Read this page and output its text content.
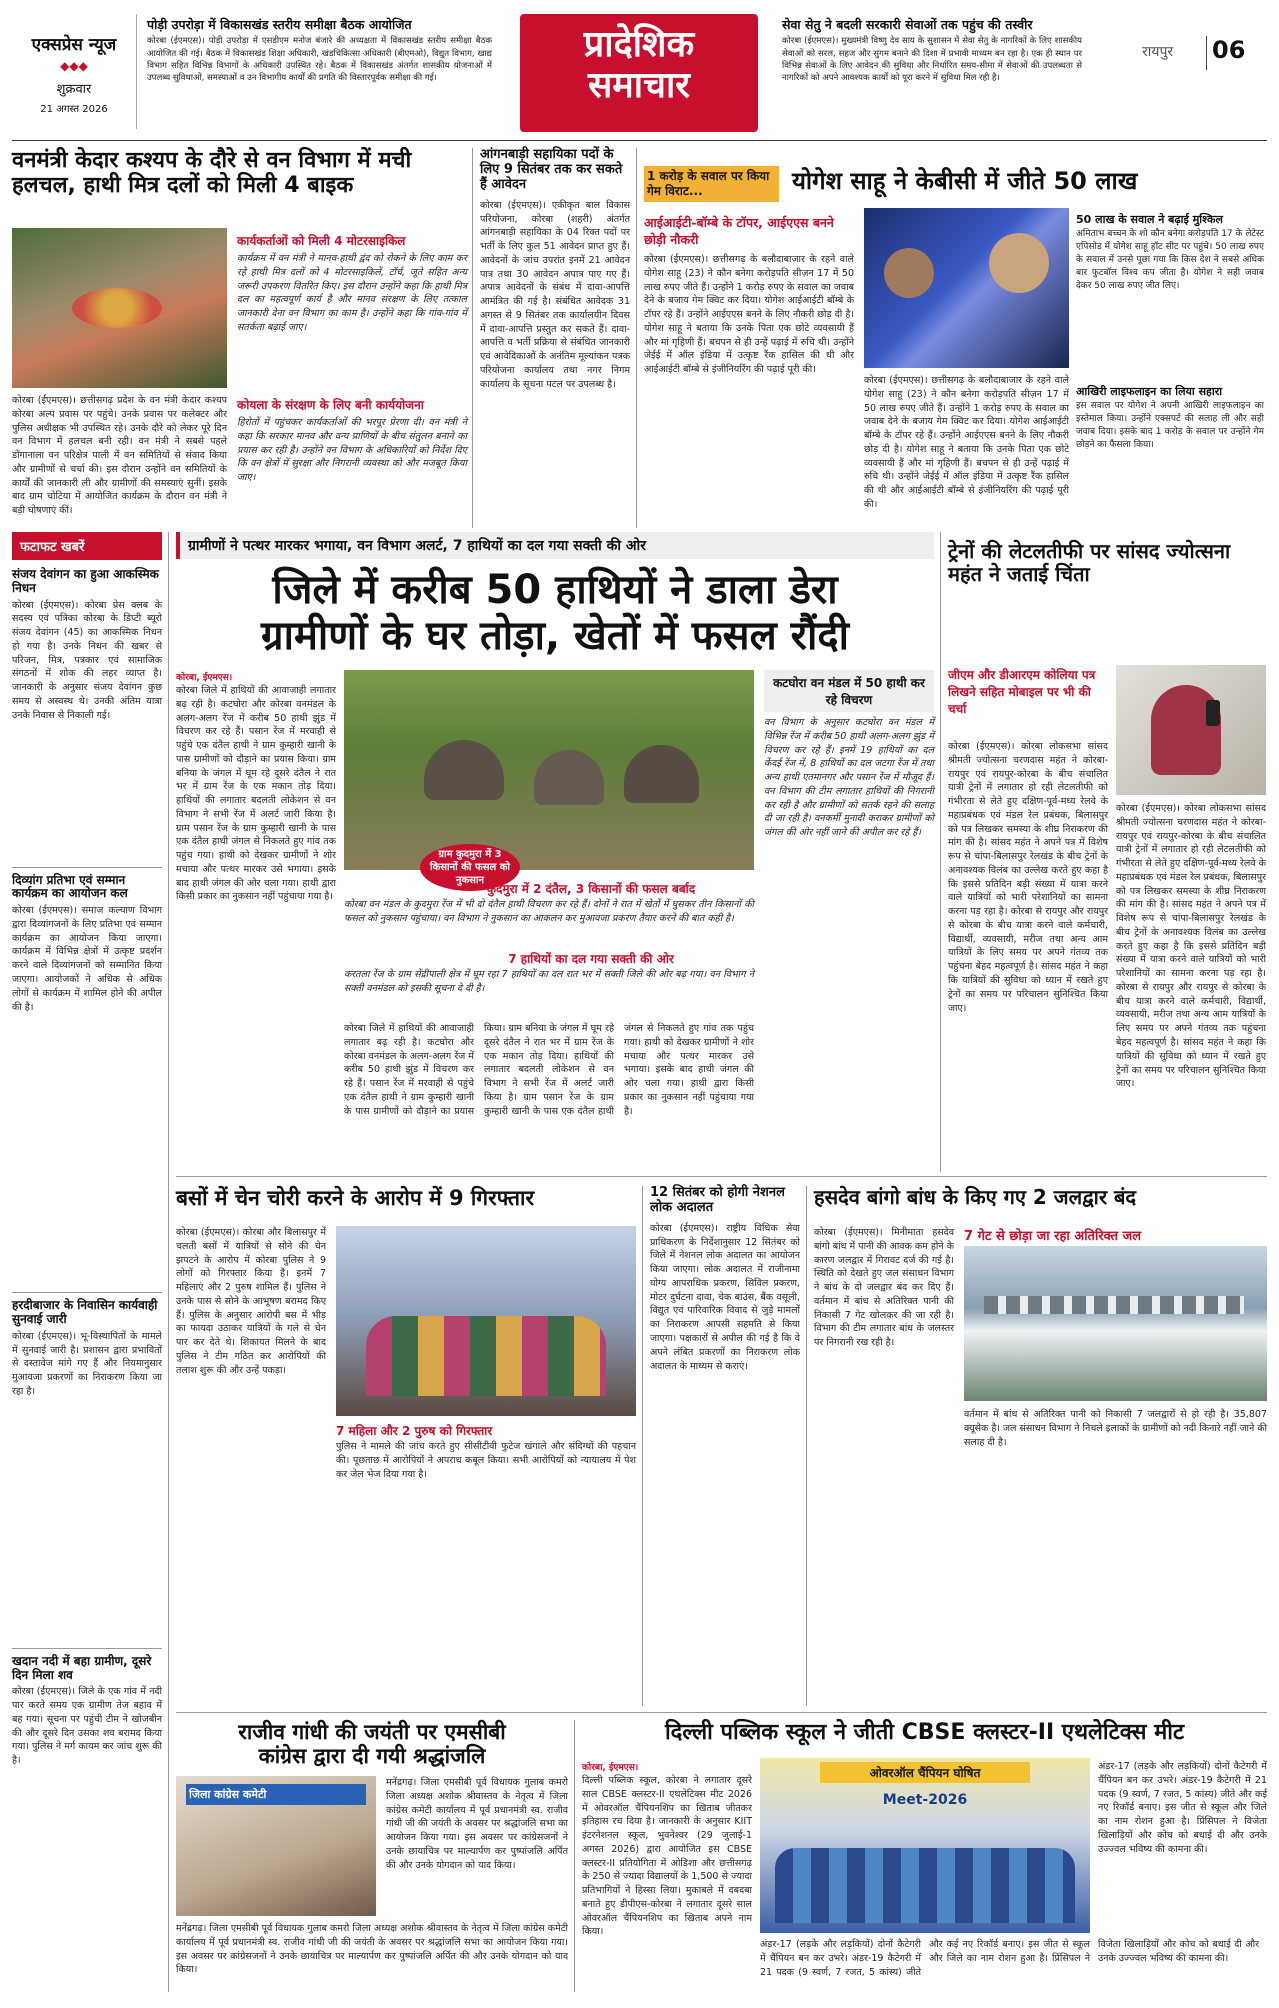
एक्सप्रेस न्यूज
◆◆◆
शुक्रवार
21 अगस्त 2026
पोड़ी उपरोड़ा में विकासखंड स्तरीय समीक्षा बैठक आयोजित
कोरबा (ईएमएस)। पोड़ी उपरोड़ा में एसडीएम मनोज बंजारे की अध्यक्षता में विकासखंड स्तरीय समीक्षा बैठक आयोजित की गई। बैठक में विकासखंड शिक्षा अधिकारी, खंडचिकित्सा अधिकारी (बीएमओ), विद्युत विभाग, खाद्य विभाग सहित विभिन्न विभागों के अधिकारी उपस्थित रहे। बैठक में विकासखंड अंतर्गत शासकीय योजनाओं में उपलब्ध सुविधाओं, समस्याओं व उन विभागीय कार्यों की प्रगति की विस्तारपूर्वक समीक्षा की गई।
प्रादेशिक
समाचार
सेवा सेतु ने बदली सरकारी सेवाओं तक पहुंच की तस्वीर
कोरबा (ईएमएस)। मुख्यमंत्री विष्णु देव साय के सुशासन में सेवा सेतु के नागरिकों के लिए शासकीय सेवाओं को सरल, सहज और सुगम बनाने की दिशा में प्रभावी माध्यम बन रहा है। एक ही स्थान पर विभिन्न सेवाओं के लिए आवेदन की सुविधा और निर्धारित समय-सीमा में सेवाओं की उपलब्धता से नागरिकों को अपने आवश्यक कार्यों को पूरा करने में सुविधा मिल रही है।
रायपुर 06
वनमंत्री केदार कश्यप के दौरे से वन विभाग में मची हलचल, हाथी मित्र दलों को मिली 4 बाइक
कार्यकर्ताओं को मिली 4 मोटरसाइकिल
कार्यक्रम में वन मंत्री ने मानव-हाथी द्वंद को रोकने के लिए काम कर रहे हाथी मित्र दलों को 4 मोटरसाइकिलें, टॉर्च, जूते सहित अन्य जरूरी उपकरण वितरित किए। इस दौरान उन्होंने कहा कि हाथी मित्र दल का महत्वपूर्ण कार्य है और मानव संरक्षण के लिए तत्काल जानकारी देना वन विभाग का काम है। उन्होंने कहा कि गांव-गांव में सतर्कता बढ़ाई जाए।
कोयला के संरक्षण के लिए बनी कार्ययोजना
हिरोतों में पहुंचकर कार्यकर्ताओं की भरपूर प्रेरणा दी। वन मंत्री ने कहा कि सरकार मानव और वन्य प्राणियों के बीच संतुलन बनाने का प्रयास कर रही है। उन्होंने वन विभाग के अधिकारियों को निर्देश दिए कि वन क्षेत्रों में सुरक्षा और निगरानी व्यवस्था को और मजबूत किया जाए।
कोरबा (ईएमएस)। छत्तीसगढ़ प्रदेश के वन मंत्री केदार कश्यप कोरबा अल्प प्रवास पर पहुंचे। उनके प्रवास पर कलेक्टर और पुलिस अधीक्षक भी उपस्थित रहे। उनके दौरे को लेकर पूरे दिन वन विभाग में हलचल बनी रही। वन मंत्री ने सबसे पहले डोंगानाला वन परिक्षेत्र पाली में वन समितियों से संवाद किया और ग्रामीणों से चर्चा की। इस दौरान उन्होंने वन समितियों के कार्यों की जानकारी ली और ग्रामीणों की समस्याएं सुनीं। इसके बाद ग्राम चोटिया में आयोजित कार्यक्रम के दौरान वन मंत्री ने बड़ी घोषणाएं कीं।
आंगनबाड़ी सहायिका पदों के लिए 9 सितंबर तक कर सकते हैं आवेदन
कोरबा (ईएमएस)। एकीकृत बाल विकास परियोजना, कोरबा (शहरी) अंतर्गत आंगनबाड़ी सहायिका के 04 रिक्त पदों पर भर्ती के लिए कुल 51 आवेदन प्राप्त हुए हैं। आवेदनों के जांच उपरांत इनमें 21 आवेदन पात्र तथा 30 आवेदन अपात्र पाए गए हैं। अपात्र आवेदनों के संबंध में दावा-आपत्ति आमंत्रित की गई है। संबंधित आवेदक 31 अगस्त से 9 सितंबर तक कार्यालयीन दिवस में दावा-आपत्ति प्रस्तुत कर सकते हैं। दावा-आपत्ति व भर्ती प्रक्रिया से संबंधित जानकारी एवं आवेदिकाओं के अनंतिम मूल्यांकन पत्रक परियोजना कार्यालय तथा नगर निगम कार्यालय के सूचना पटल पर उपलब्ध है।
1 करोड़ के सवाल पर किया गेम विराट...	योगेश साहू ने केबीसी में जीते 50 लाख
आईआईटी-बॉम्बे के टॉपर, आईएएस बनने छोड़ी नौकरी
कोरबा (ईएमएस)। छत्तीसगढ़ के बलौदाबाजार के रहने वाले योगेश साहू (23) ने कौन बनेगा करोड़पति सीज़न 17 में 50 लाख रुपए जीते हैं। उन्होंने 1 करोड़ रुपए के सवाल का जवाब देने के बजाय गेम क्विट कर दिया। योगेश आईआईटी बॉम्बे के टॉपर रहे हैं। उन्होंने आईएएस बनने के लिए नौकरी छोड़ दी है। योगेश साहू ने बताया कि उनके पिता एक छोटे व्यवसायी हैं और मां गृहिणी हैं। बचपन से ही उन्हें पढ़ाई में रुचि थी। उन्होंने जेईई में ऑल इंडिया में उत्कृष्ट रैंक हासिल की थी और आईआईटी बॉम्बे से इंजीनियरिंग की पढ़ाई पूरी की।
कोरबा (ईएमएस)। छत्तीसगढ़ के बलौदाबाजार के रहने वाले योगेश साहू (23) ने कौन बनेगा करोड़पति सीज़न 17 में 50 लाख रुपए जीते हैं। उन्होंने 1 करोड़ रुपए के सवाल का जवाब देने के बजाय गेम क्विट कर दिया। योगेश आईआईटी बॉम्बे के टॉपर रहे हैं। उन्होंने आईएएस बनने के लिए नौकरी छोड़ दी है। योगेश साहू ने बताया कि उनके पिता एक छोटे व्यवसायी हैं और मां गृहिणी हैं। बचपन से ही उन्हें पढ़ाई में रुचि थी। उन्होंने जेईई में ऑल इंडिया में उत्कृष्ट रैंक हासिल की थी और आईआईटी बॉम्बे से इंजीनियरिंग की पढ़ाई पूरी की।
50 लाख के सवाल ने बढ़ाई मुश्किल
अमिताभ बच्चन के शो कौन बनेगा करोड़पति 17 के लेटेस्ट एपिसोड में योगेश साहू हॉट सीट पर पहुंचे। 50 लाख रुपए के सवाल में उनसे पूछा गया कि किस देश ने सबसे अधिक बार फुटबॉल विश्व कप जीता है। योगेश ने सही जवाब देकर 50 लाख रुपए जीत लिए।
आखिरी लाइफलाइन का लिया सहारा
इस सवाल पर योगेश ने अपनी आखिरी लाइफलाइन का इस्तेमाल किया। उन्होंने एक्सपर्ट की सलाह ली और सही जवाब दिया। इसके बाद 1 करोड़ के सवाल पर उन्होंने गेम छोड़ने का फैसला किया।
फटाफट खबरें
संजय देवांगन का हुआ आकस्मिक निधन
कोरबा (ईएमएस)। कोरबा प्रेस क्लब के सदस्य एवं पत्रिका कोरबा के डिप्टी ब्यूरो संजय देवांगन (45) का आकस्मिक निधन हो गया है। उनके निधन की खबर से परिजन, मित्र, पत्रकार एवं सामाजिक संगठनों में शोक की लहर व्याप्त है। जानकारी के अनुसार संजय देवांगन कुछ समय से अस्वस्थ थे। उनकी अंतिम यात्रा उनके निवास से निकाली गई।
दिव्यांग प्रतिभा एवं सम्मान कार्यक्रम का आयोजन कल
कोरबा (ईएमएस)। समाज कल्याण विभाग द्वारा दिव्यांगजनों के लिए प्रतिभा एवं सम्मान कार्यक्रम का आयोजन किया जाएगा। कार्यक्रम में विभिन्न क्षेत्रों में उत्कृष्ट प्रदर्शन करने वाले दिव्यांगजनों को सम्मानित किया जाएगा। आयोजकों ने अधिक से अधिक लोगों से कार्यक्रम में शामिल होने की अपील की है।
हरदीबाजार के निवासिन कार्यवाही सुनवाई जारी
कोरबा (ईएमएस)। भू-विस्थापितों के मामले में सुनवाई जारी है। प्रशासन द्वारा प्रभावितों से दस्तावेज मांगे गए हैं और नियमानुसार मुआवजा प्रकरणों का निराकरण किया जा रहा है।
खदान नदी में बहा ग्रामीण, दूसरे दिन मिला शव
कोरबा (ईएमएस)। जिले के एक गांव में नदी पार करते समय एक ग्रामीण तेज बहाव में बह गया। सूचना पर पहुंची टीम ने खोजबीन की और दूसरे दिन उसका शव बरामद किया गया। पुलिस ने मर्ग कायम कर जांच शुरू की है।
ग्रामीणों ने पत्थर मारकर भगाया, वन विभाग अलर्ट, 7 हाथियों का दल गया सक्ती की ओर
जिले में करीब 50 हाथियों ने डाला डेरा
ग्रामीणों के घर तोड़ा, खेतों में फसल रौंदी
कोरबा, ईएमएस।
कोरबा जिले में हाथियों की आवाजाही लगातार बढ़ रही है। कटघोरा और कोरबा वनमंडल के अलग-अलग रेंज में करीब 50 हाथी झुंड में विचरण कर रहे हैं। पसान रेंज में मरवाही से पहुंचे एक दंतैल हाथी ने ग्राम कुम्हारी खानी के पास ग्रामीणों को दौड़ाने का प्रयास किया। ग्राम बनिया के जंगल में घूम रहे दूसरे दंतैल ने रात भर में ग्राम रेंज के एक मकान तोड़ दिया। हाथियों की लगातार बदलती लोकेशन से वन विभाग ने सभी रेंज में अलर्ट जारी किया है। ग्राम पसान रेंज के ग्राम कुम्हारी खानी के पास एक दंतैल हाथी जंगल से निकलते हुए गांव तक पहुंच गया। हाथी को देखकर ग्रामीणों ने शोर मचाया और पत्थर मारकर उसे भगाया। इसके बाद हाथी जंगल की ओर चला गया। हाथी द्वारा किसी प्रकार का नुकसान नहीं पहुंचाया गया है।
ग्राम कुदमुरा में 3 किसानों की फसल को नुकसान
कटघोरा वन मंडल में 50 हाथी कर रहे विचरण
वन विभाग के अनुसार कटघोरा वन मंडल में विभिन्न रेंज में करीब 50 हाथी अलग-अलग झुंड में विचरण कर रहे हैं। इनमें 19 हाथियों का दल केंदई रेंज में, 8 हाथियों का दल जटगा रेंज में तथा अन्य हाथी एतमानगर और पसान रेंज में मौजूद हैं। वन विभाग की टीम लगातार हाथियों की निगरानी कर रही है और ग्रामीणों को सतर्क रहने की सलाह दी जा रही है। वनकर्मी मुनादी कराकर ग्रामीणों को जंगल की ओर नहीं जाने की अपील कर रहे हैं।
कुदमुरा में 2 दंतैल, 3 किसानों की फसल बर्बाद
कोरबा वन मंडल के कुदमुरा रेंज में भी दो दंतैल हाथी विचरण कर रहे हैं। दोनों ने रात में खेतों में घुसकर तीन किसानों की फसल को नुकसान पहुंचाया। वन विभाग ने नुकसान का आकलन कर मुआवजा प्रकरण तैयार करने की बात कही है।
7 हाथियों का दल गया सक्ती की ओर
करतला रेंज के ग्राम सेंद्रीपाली क्षेत्र में घूम रहा 7 हाथियों का दल रात भर में सक्ती जिले की ओर बढ़ गया। वन विभाग ने सक्ती वनमंडल को इसकी सूचना दे दी है।
कोरबा जिले में हाथियों की आवाजाही लगातार बढ़ रही है। कटघोरा और कोरबा वनमंडल के अलग-अलग रेंज में करीब 50 हाथी झुंड में विचरण कर रहे हैं। पसान रेंज में मरवाही से पहुंचे एक दंतैल हाथी ने ग्राम कुम्हारी खानी के पास ग्रामीणों को दौड़ाने का प्रयास किया। ग्राम बनिया के जंगल में घूम रहे दूसरे दंतैल ने रात भर में ग्राम रेंज के एक मकान तोड़ दिया। हाथियों की लगातार बदलती लोकेशन से वन विभाग ने सभी रेंज में अलर्ट जारी किया है। ग्राम पसान रेंज के ग्राम कुम्हारी खानी के पास एक दंतैल हाथी जंगल से निकलते हुए गांव तक पहुंच गया। हाथी को देखकर ग्रामीणों ने शोर मचाया और पत्थर मारकर उसे भगाया। इसके बाद हाथी जंगल की ओर चला गया। हाथी द्वारा किसी प्रकार का नुकसान नहीं पहुंचाया गया है।
ट्रेनों की लेटलतीफी पर सांसद ज्योत्सना महंत ने जताई चिंता
जीएम और डीआरएम कोलिया पत्र लिखने सहित मोबाइल पर भी की चर्चा
कोरबा (ईएमएस)। कोरबा लोकसभा सांसद श्रीमती ज्योत्सना चरणदास महंत ने कोरबा-रायपुर एवं रायपुर-कोरबा के बीच संचालित यात्री ट्रेनों में लगातार हो रही लेटलतीफी को गंभीरता से लेते हुए दक्षिण-पूर्व-मध्य रेलवे के महाप्रबंधक एवं मंडल रेल प्रबंधक, बिलासपुर को पत्र लिखकर समस्या के शीघ्र निराकरण की मांग की है। सांसद महंत ने अपने पत्र में विशेष रूप से चांपा-बिलासपुर रेलखंड के बीच ट्रेनों के अनावश्यक विलंब का उल्लेख करते हुए कहा है कि इससे प्रतिदिन बड़ी संख्या में यात्रा करने वाले यात्रियों को भारी परेशानियों का सामना करना पड़ रहा है। कोरबा से रायपुर और रायपुर से कोरबा के बीच यात्रा करने वाले कर्मचारी, विद्यार्थी, व्यवसायी, मरीज तथा अन्य आम यात्रियों के लिए समय पर अपने गंतव्य तक पहुंचना बेहद महत्वपूर्ण है। सांसद महंत ने कहा कि यात्रियों की सुविधा को ध्यान में रखते हुए ट्रेनों का समय पर परिचालन सुनिश्चित किया जाए।
कोरबा (ईएमएस)। कोरबा लोकसभा सांसद श्रीमती ज्योत्सना चरणदास महंत ने कोरबा-रायपुर एवं रायपुर-कोरबा के बीच संचालित यात्री ट्रेनों में लगातार हो रही लेटलतीफी को गंभीरता से लेते हुए दक्षिण-पूर्व-मध्य रेलवे के महाप्रबंधक एवं मंडल रेल प्रबंधक, बिलासपुर को पत्र लिखकर समस्या के शीघ्र निराकरण की मांग की है। सांसद महंत ने अपने पत्र में विशेष रूप से चांपा-बिलासपुर रेलखंड के बीच ट्रेनों के अनावश्यक विलंब का उल्लेख करते हुए कहा है कि इससे प्रतिदिन बड़ी संख्या में यात्रा करने वाले यात्रियों को भारी परेशानियों का सामना करना पड़ रहा है। कोरबा से रायपुर और रायपुर से कोरबा के बीच यात्रा करने वाले कर्मचारी, विद्यार्थी, व्यवसायी, मरीज तथा अन्य आम यात्रियों के लिए समय पर अपने गंतव्य तक पहुंचना बेहद महत्वपूर्ण है। सांसद महंत ने कहा कि यात्रियों की सुविधा को ध्यान में रखते हुए ट्रेनों का समय पर परिचालन सुनिश्चित किया जाए।
बसों में चेन चोरी करने के आरोप में 9 गिरफ्तार
कोरबा (ईएमएस)। कोरबा और बिलासपुर में चलती बसों में यात्रियों से सोने की चेन झपटने के आरोप में कोरबा पुलिस ने 9 लोगों को गिरफ्तार किया है। इनमें 7 महिलाएं और 2 पुरुष शामिल हैं। पुलिस ने उनके पास से सोने के आभूषण बरामद किए हैं। पुलिस के अनुसार आरोपी बस में भीड़ का फायदा उठाकर यात्रियों के गले से चेन पार कर देते थे। शिकायत मिलने के बाद पुलिस ने टीम गठित कर आरोपियों की तलाश शुरू की और उन्हें पकड़ा।
7 महिला और 2 पुरुष को गिरफ्तार
पुलिस ने मामले की जांच करते हुए सीसीटीवी फुटेज खंगाले और संदिग्धों की पहचान की। पूछताछ में आरोपियों ने अपराध कबूल किया। सभी आरोपियों को न्यायालय में पेश कर जेल भेज दिया गया है।
12 सितंबर को होगी नेशनल लोक अदालत
कोरबा (ईएमएस)। राष्ट्रीय विधिक सेवा प्राधिकरण के निर्देशानुसार 12 सितंबर को जिले में नेशनल लोक अदालत का आयोजन किया जाएगा। लोक अदालत में राजीनामा योग्य आपराधिक प्रकरण, सिविल प्रकरण, मोटर दुर्घटना दावा, चेक बाउंस, बैंक वसूली, विद्युत एवं पारिवारिक विवाद से जुड़े मामलों का निराकरण आपसी सहमति से किया जाएगा। पक्षकारों से अपील की गई है कि वे अपने लंबित प्रकरणों का निराकरण लोक अदालत के माध्यम से कराएं।
हसदेव बांगो बांध के किए गए 2 जलद्वार बंद
कोरबा (ईएमएस)। मिनीमाता हसदेव बांगो बांध में पानी की आवक कम होने के कारण जलद्वार में गिरावट दर्ज की गई है। स्थिति को देखते हुए जल संसाधन विभाग ने बांध के दो जलद्वार बंद कर दिए हैं। वर्तमान में बांध से अतिरिक्त पानी की निकासी 7 गेट खोलकर की जा रही है। विभाग की टीम लगातार बांध के जलस्तर पर निगरानी रख रही है।
7 गेट से छोड़ा जा रहा अतिरिक्त जल
वर्तमान में बांध से अतिरिक्त पानी को निकासी 7 जलद्वारों से हो रही है। 35,807 क्यूसेक है। जल संसाधन विभाग ने निचले इलाकों के ग्रामीणों को नदी किनारे नहीं जाने की सलाह दी है।
राजीव गांधी की जयंती पर एमसीबी
कांग्रेस द्वारा दी गयी श्रद्धांजलि
जिला कांग्रेस कमेटी
मनेंद्रगढ़। जिला एमसीबी पूर्व विधायक गुलाब कमरो जिला अध्यक्ष अशोक श्रीवास्तव के नेतृत्व में जिला कांग्रेस कमेटी कार्यालय में पूर्व प्रधानमंत्री स्व. राजीव गांधी जी की जयंती के अवसर पर श्रद्धांजलि सभा का आयोजन किया गया। इस अवसर पर कांग्रेसजनों ने उनके छायाचित्र पर माल्यार्पण कर पुष्पांजलि अर्पित की और उनके योगदान को याद किया।
मनेंद्रगढ़। जिला एमसीबी पूर्व विधायक गुलाब कमरो जिला अध्यक्ष अशोक श्रीवास्तव के नेतृत्व में जिला कांग्रेस कमेटी कार्यालय में पूर्व प्रधानमंत्री स्व. राजीव गांधी जी की जयंती के अवसर पर श्रद्धांजलि सभा का आयोजन किया गया। इस अवसर पर कांग्रेसजनों ने उनके छायाचित्र पर माल्यार्पण कर पुष्पांजलि अर्पित की और उनके योगदान को याद किया।
दिल्ली पब्लिक स्कूल ने जीती CBSE क्लस्टर-II एथलेटिक्स मीट
कोरबा, ईएमएस।
दिल्ली पब्लिक स्कूल, कोरबा ने लगातार दूसरे साल CBSE क्लस्टर-II एथलेटिक्स मीट 2026 में ओवरऑल चैंपियनशिप का खिताब जीतकर इतिहास रच दिया है। जानकारी के अनुसार KIIT इंटरनेशनल स्कूल, भुवनेश्वर (29 जुलाई-1 अगस्त 2026) द्वारा आयोजित इस CBSE क्लस्टर-II प्रतियोगिता में ओडिशा और छत्तीसगढ़ के 250 से ज्यादा विद्यालयों के 1,500 से ज्यादा प्रतिभागियों ने हिस्सा लिया। मुकाबले में दबदबा बनाते हुए डीपीएस-कोरबा ने लगातार दूसरे साल ओवरऑल चैंपियनशिप का खिताब अपने नाम किया।
ओवरऑल चैंपियन घोषित
Meet-2026
अंडर-17 (लड़के और लड़कियों) दोनों कैटेगरी में चैंपियन बन कर उभरे। अंडर-19 कैटेगरी में 21 पदक (9 स्वर्ण, 7 रजत, 5 कांस्य) जीते और कई नए रिकॉर्ड बनाए। इस जीत से स्कूल और जिले का नाम रोशन हुआ है। प्रिंसिपल ने विजेता खिलाड़ियों और कोच को बधाई दी और उनके उज्ज्वल भविष्य की कामना की।
अंडर-17 (लड़के और लड़कियों) दोनों कैटेगरी में चैंपियन बन कर उभरे। अंडर-19 कैटेगरी में 21 पदक (9 स्वर्ण, 7 रजत, 5 कांस्य) जीते और कई नए रिकॉर्ड बनाए। इस जीत से स्कूल और जिले का नाम रोशन हुआ है। प्रिंसिपल ने विजेता खिलाड़ियों और कोच को बधाई दी और उनके उज्ज्वल भविष्य की कामना की।
